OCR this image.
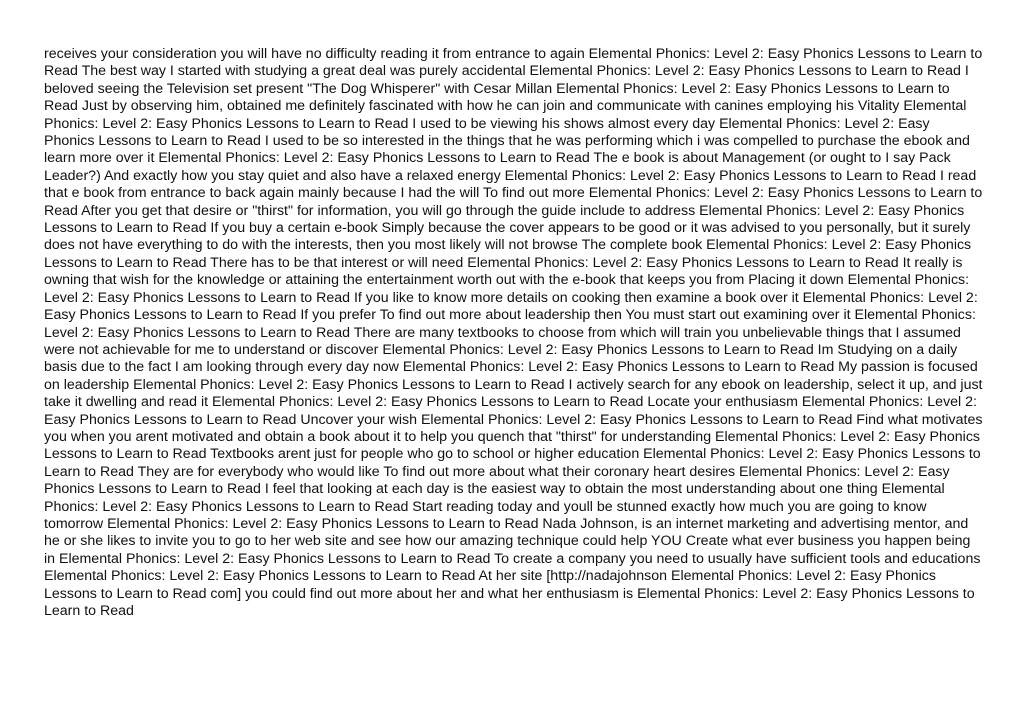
receives your consideration you will have no difficulty reading it from entrance to again Elemental Phonics: Level 2: Easy Phonics Lessons to Learn to Read The best way I started with studying a great deal was purely accidental Elemental Phonics: Level 2: Easy Phonics Lessons to Learn to Read I beloved seeing the Television set present "The Dog Whisperer" with Cesar Millan Elemental Phonics: Level 2: Easy Phonics Lessons to Learn to Read Just by observing him, obtained me definitely fascinated with how he can join and communicate with canines employing his Vitality Elemental Phonics: Level 2: Easy Phonics Lessons to Learn to Read I used to be viewing his shows almost every day Elemental Phonics: Level 2: Easy Phonics Lessons to Learn to Read I used to be so interested in the things that he was performing which i was compelled to purchase the ebook and learn more over it Elemental Phonics: Level 2: Easy Phonics Lessons to Learn to Read The e book is about Management (or ought to I say Pack Leader?) And exactly how you stay quiet and also have a relaxed energy Elemental Phonics: Level 2: Easy Phonics Lessons to Learn to Read I read that e book from entrance to back again mainly because I had the will To find out more Elemental Phonics: Level 2: Easy Phonics Lessons to Learn to Read After you get that desire or "thirst" for information, you will go through the guide include to address Elemental Phonics: Level 2: Easy Phonics Lessons to Learn to Read If you buy a certain e-book Simply because the cover appears to be good or it was advised to you personally, but it surely does not have everything to do with the interests, then you most likely will not browse The complete book Elemental Phonics: Level 2: Easy Phonics Lessons to Learn to Read There has to be that interest or will need Elemental Phonics: Level 2: Easy Phonics Lessons to Learn to Read It really is owning that wish for the knowledge or attaining the entertainment worth out with the e-book that keeps you from Placing it down Elemental Phonics: Level 2: Easy Phonics Lessons to Learn to Read If you like to know more details on cooking then examine a book over it Elemental Phonics: Level 2: Easy Phonics Lessons to Learn to Read If you prefer To find out more about leadership then You must start out examining over it Elemental Phonics: Level 2: Easy Phonics Lessons to Learn to Read There are many textbooks to choose from which will train you unbelievable things that I assumed were not achievable for me to understand or discover Elemental Phonics: Level 2: Easy Phonics Lessons to Learn to Read Im Studying on a daily basis due to the fact I am looking through every day now Elemental Phonics: Level 2: Easy Phonics Lessons to Learn to Read My passion is focused on leadership Elemental Phonics: Level 2: Easy Phonics Lessons to Learn to Read I actively search for any ebook on leadership, select it up, and just take it dwelling and read it Elemental Phonics: Level 2: Easy Phonics Lessons to Learn to Read Locate your enthusiasm Elemental Phonics: Level 2: Easy Phonics Lessons to Learn to Read Uncover your wish Elemental Phonics: Level 2: Easy Phonics Lessons to Learn to Read Find what motivates you when you arent motivated and obtain a book about it to help you quench that "thirst" for understanding Elemental Phonics: Level 2: Easy Phonics Lessons to Learn to Read Textbooks arent just for people who go to school or higher education Elemental Phonics: Level 2: Easy Phonics Lessons to Learn to Read They are for everybody who would like To find out more about what their coronary heart desires Elemental Phonics: Level 2: Easy Phonics Lessons to Learn to Read I feel that looking at each day is the easiest way to obtain the most understanding about one thing Elemental Phonics: Level 2: Easy Phonics Lessons to Learn to Read Start reading today and youll be stunned exactly how much you are going to know tomorrow Elemental Phonics: Level 2: Easy Phonics Lessons to Learn to Read Nada Johnson, is an internet marketing and advertising mentor, and he or she likes to invite you to go to her web site and see how our amazing technique could help YOU Create what ever business you happen being in Elemental Phonics: Level 2: Easy Phonics Lessons to Learn to Read To create a company you need to usually have sufficient tools and educations Elemental Phonics: Level 2: Easy Phonics Lessons to Learn to Read At her site [http://nadajohnson Elemental Phonics: Level 2: Easy Phonics Lessons to Learn to Read com] you could find out more about her and what her enthusiasm is Elemental Phonics: Level 2: Easy Phonics Lessons to Learn to Read
